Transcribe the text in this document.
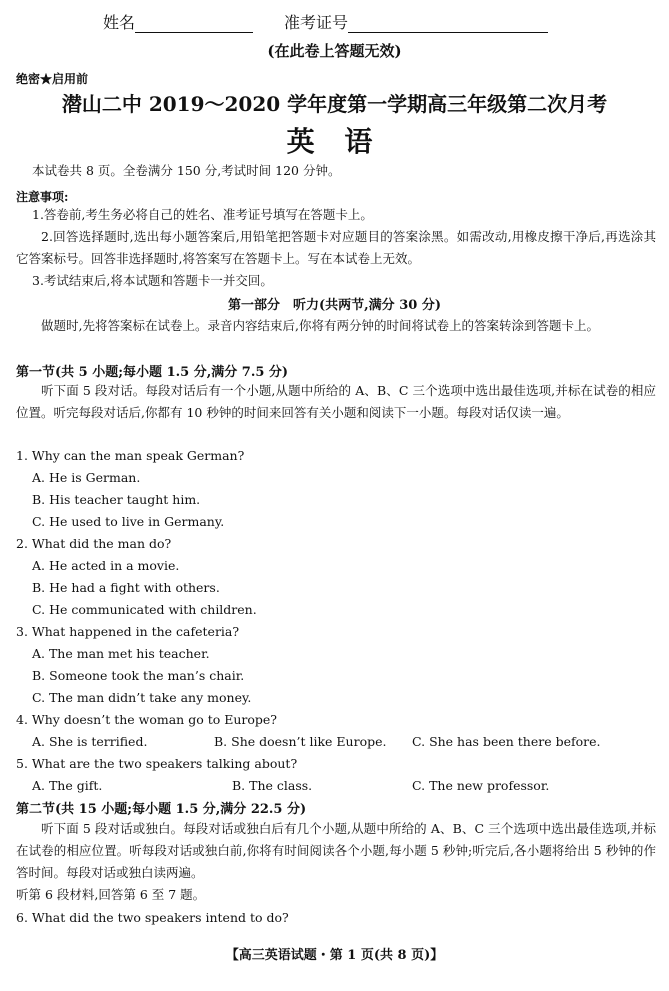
姓名	准考证号
(在此卷上答题无效)
绝密★启用前
潜山二中 2019～2020 学年度第一学期高三年级第二次月考
英 语
本试卷共 8 页。全卷满分 150 分,考试时间 120 分钟。
注意事项:
1.答卷前,考生务必将自己的姓名、准考证号填写在答题卡上。
2.回答选择题时,选出每小题答案后,用铅笔把答题卡对应题目的答案涂黑。如需改动,用橡皮擦干净后,再选涂其它答案标号。回答非选择题时,将答案写在答题卡上。写在本试卷上无效。
3.考试结束后,将本试题和答题卡一并交回。
第一部分　听力(共两节,满分 30 分)
做题时,先将答案标在试卷上。录音内容结束后,你将有两分钟的时间将试卷上的答案转涂到答题卡上。
第一节(共 5 小题;每小题 1.5 分,满分 7.5 分)
听下面 5 段对话。每段对话后有一个小题,从题中所给的 A、B、C 三个选项中选出最佳选项,并标在试卷的相应位置。听完每段对话后,你都有 10 秒钟的时间来回答有关小题和阅读下一小题。每段对话仅读一遍。
1. Why can the man speak German?
A. He is German.
B. His teacher taught him.
C. He used to live in Germany.
2. What did the man do?
A. He acted in a movie.
B. He had a fight with others.
C. He communicated with children.
3. What happened in the cafeteria?
A. The man met his teacher.
B. Someone took the man’s chair.
C. The man didn’t take any money.
4. Why doesn’t the woman go to Europe?
A. She is terrified.	B. She doesn’t like Europe. C. She has been there before.
5. What are the two speakers talking about?
A. The gift.	B. The class.	C. The new professor.
第二节(共 15 小题;每小题 1.5 分,满分 22.5 分)
听下面 5 段对话或独白。每段对话或独白后有几个小题,从题中所给的 A、B、C 三个选项中选出最佳选项,并标在试卷的相应位置。听每段对话或独白前,你将有时间阅读各个小题,每小题 5 秒钟;听完后,各小题将给出 5 秒钟的作答时间。每段对话或独白读两遍。
听第 6 段材料,回答第 6 至 7 题。
6. What did the two speakers intend to do?
【高三英语试题・第 1 页(共 8 页)】
